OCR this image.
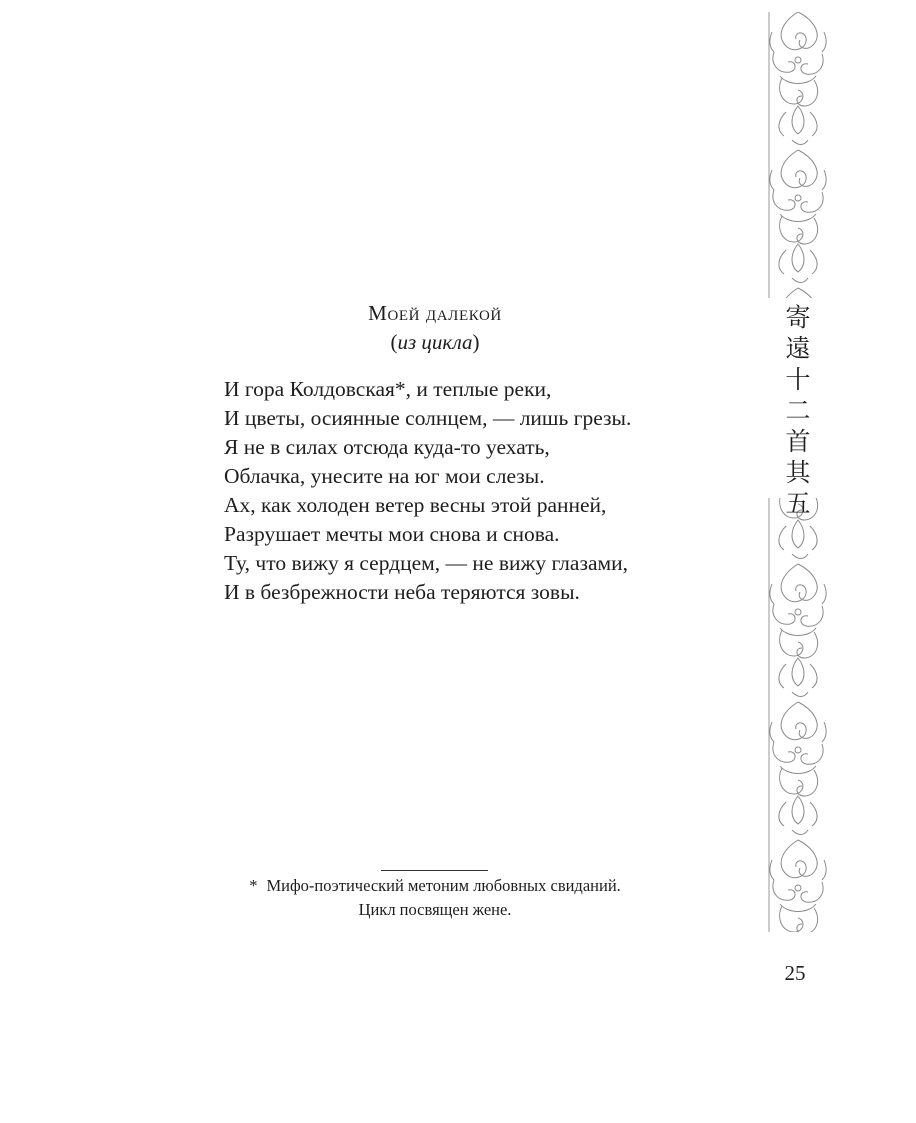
Моей далекой
(из цикла)
И гора Колдовская*, и теплые реки,
И цветы, осиянные солнцем, — лишь грезы.
Я не в силах отсюда куда-то уехать,
Облачка, унесите на юг мои слезы.
Ах, как холоден ветер весны этой ранней,
Разрушает мечты мои снова и снова.
Ту, что вижу я сердцем, — не вижу глазами,
И в безбрежности неба теряются зовы.
* Мифо-поэтический метоним любовных свиданий.
Цикл посвящен жене.
寄
遠
十
二
首
其
五
25
